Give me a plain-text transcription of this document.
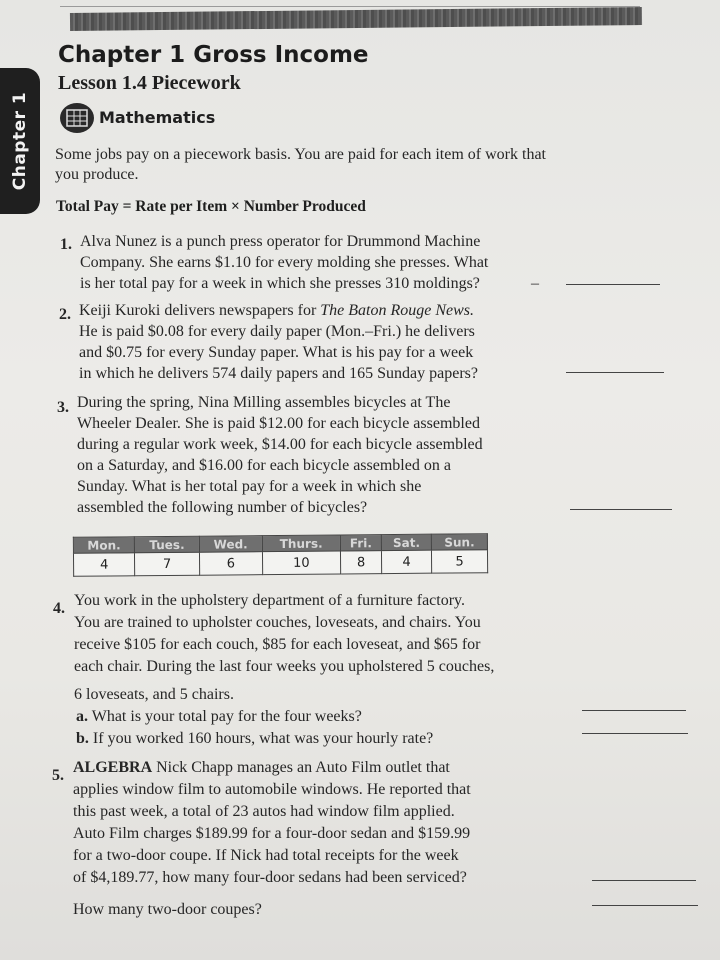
Chapter 1
Chapter 1 Gross Income
Lesson 1.4 Piecework
Mathematics
Some jobs pay on a piecework basis. You are paid for each item of work that
you produce.
Total Pay = Rate per Item × Number Produced
1. Alva Nunez is a punch press operator for Drummond Machine
Company. She earns $1.10 for every molding she presses. What
is her total pay for a week in which she presses 310 moldings?	–
2. Keiji Kuroki delivers newspapers for The Baton Rouge News.
He is paid $0.08 for every daily paper (Mon.–Fri.) he delivers
and $0.75 for every Sunday paper. What is his pay for a week
in which he delivers 574 daily papers and 165 Sunday papers?
3. During the spring, Nina Milling assembles bicycles at The
Wheeler Dealer. She is paid $12.00 for each bicycle assembled
during a regular work week, $14.00 for each bicycle assembled
on a Saturday, and $16.00 for each bicycle assembled on a
Sunday. What is her total pay for a week in which she
assembled the following number of bicycles?
Mon.	Tues.	Wed.	Thurs.	Fri.	Sat.	Sun.
4	7	6	10	8	4	5
4. You work in the upholstery department of a furniture factory.
You are trained to upholster couches, loveseats, and chairs. You
receive $105 for each couch, $85 for each loveseat, and $65 for
each chair. During the last four weeks you upholstered 5 couches,
6 loveseats, and 5 chairs.
a. What is your total pay for the four weeks?
b. If you worked 160 hours, what was your hourly rate?
5. ALGEBRA Nick Chapp manages an Auto Film outlet that
applies window film to automobile windows. He reported that
this past week, a total of 23 autos had window film applied.
Auto Film charges $189.99 for a four-door sedan and $159.99
for a two-door coupe. If Nick had total receipts for the week
of $4,189.77, how many four-door sedans had been serviced?
How many two-door coupes?
